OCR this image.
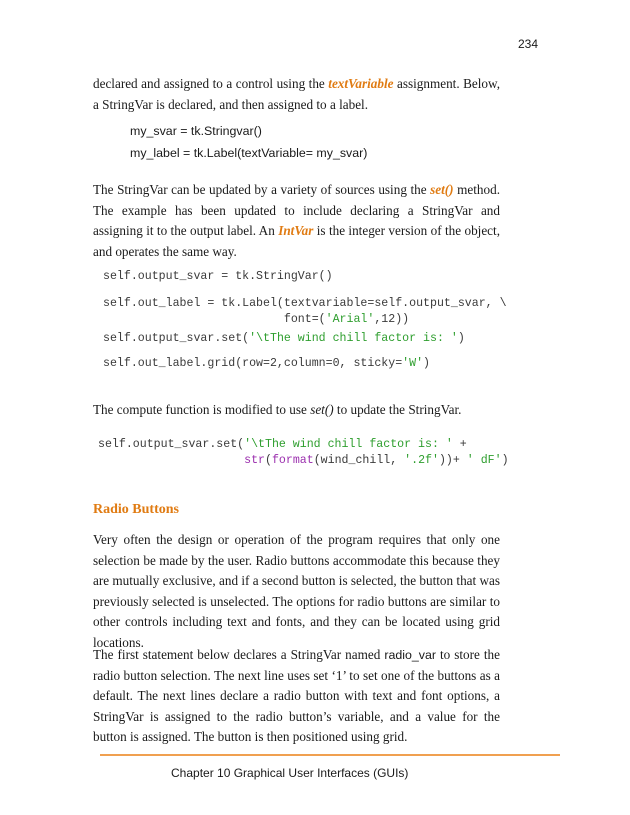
234
declared and assigned to a control using the textVariable assignment. Below, a StringVar is declared, and then assigned to a label.
my_svar = tk.Stringvar()
my_label = tk.Label(textVariable= my_svar)
The StringVar can be updated by a variety of sources using the set() method. The example has been updated to include declaring a StringVar and assigning it to the output label. An IntVar is the integer version of the object, and operates the same way.
self.output_svar = tk.StringVar()
self.out_label = tk.Label(textvariable=self.output_svar, \
font=('Arial',12))
self.output_svar.set('\tThe wind chill factor is: ')
self.out_label.grid(row=2,column=0, sticky='W')
The compute function is modified to use set() to update the StringVar.
self.output_svar.set('\tThe wind chill factor is: ' +
str(format(wind_chill, '.2f'))+ ' dF')
Radio Buttons
Very often the design or operation of the program requires that only one selection be made by the user. Radio buttons accommodate this because they are mutually exclusive, and if a second button is selected, the button that was previously selected is unselected. The options for radio buttons are similar to other controls including text and fonts, and they can be located using grid locations.
The first statement below declares a StringVar named radio_var to store the radio button selection. The next line uses set ‘1’ to set one of the buttons as a default. The next lines declare a radio button with text and font options, a StringVar is assigned to the radio button’s variable, and a value for the button is assigned. The button is then positioned using grid.
Chapter 10 Graphical User Interfaces (GUIs)
